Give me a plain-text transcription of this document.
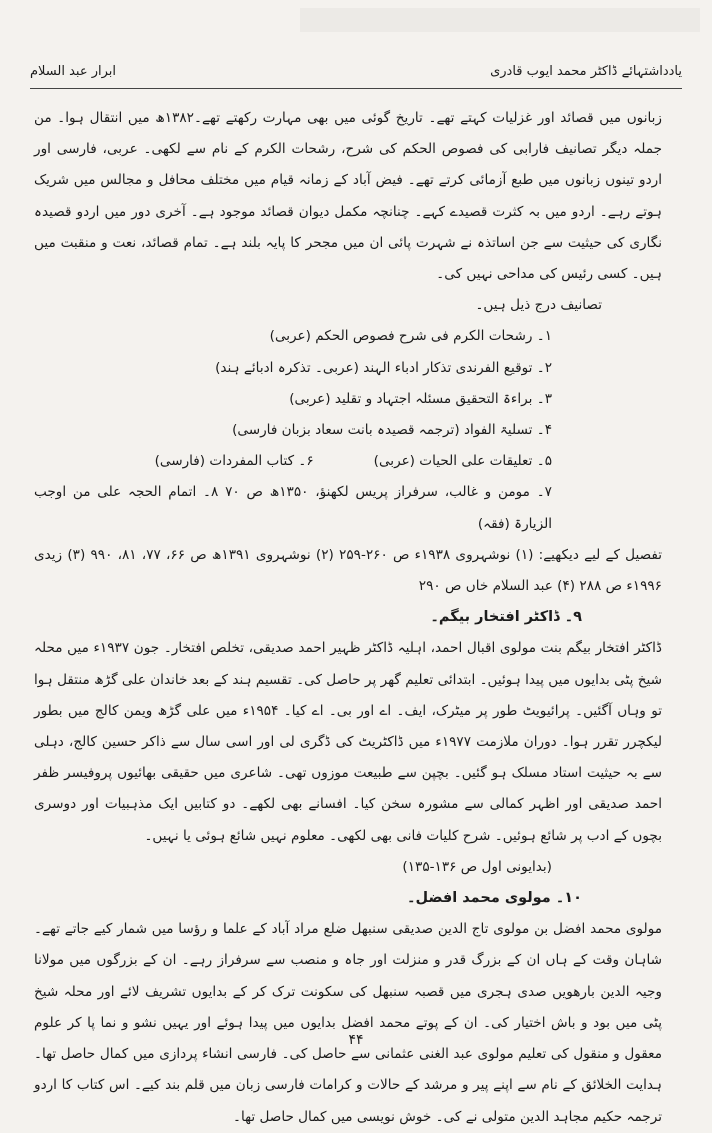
یادداشتہائے ڈاکٹر محمد ایوب قادری
ابرار عبد السلام

زبانوں میں قصائد اور غزلیات کہتے تھے۔ تاریخ گوئی میں بھی مہارت رکھتے تھے۔۱۳۸۲ھ میں انتقال ہوا۔ من جملہ دیگر تصانیف فارابی کی فصوص الحکم کی شرح، رشحات الکرم کے نام سے لکھی۔ عربی، فارسی اور اردو تینوں زبانوں میں طبع آزمائی کرتے تھے۔ فیض آباد کے زمانہ قیام میں مختلف محافل و مجالس میں شریک ہوتے رہے۔ اردو میں بہ کثرت قصیدے کہے۔ چنانچہ مکمل دیوان قصائد موجود ہے۔ آخری دور میں اردو قصیدہ نگاری کی حیثیت سے جن اساتذہ نے شہرت پائی ان میں مجحر کا پایہ بلند ہے۔ تمام قصائد، نعت و منقبت میں ہیں۔ کسی رئیس کی مداحی نہیں کی۔

تصانیف درج ذیل ہیں۔

۱۔ رشحات الکرم فی شرح فصوص الحکم (عربی)

۲۔ توقیع الفرندی تذکار ادباء الہند (عربی۔ تذکرہ ادبائے ہند)

۳۔ براءۃ التحقیق مسئلہ اجتہاد و تقلید (عربی)

۴۔ تسلیۃ الفواد (ترجمہ قصیدہ بانت سعاد بزبان فارسی)

۵۔ تعلیقات علی الحیات (عربی)
۶۔ کتاب المفردات (فارسی)

۷۔ مومن و غالب، سرفراز پریس لکھنؤ، ۱۳۵۰ھ ص ۷۰ ۸۔ اتمام الحجہ علی من اوجب الزیارۃ (فقہ)

تفصیل کے لیے دیکھیے: (۱) نوشہروی ۱۹۳۸ء ص ۲۶۰-۲۵۹ (۲) نوشہروی ۱۳۹۱ھ ص ۶۶، ۷۷، ۸۱، ۹۹۰ (۳) زیدی ۱۹۹۶ء ص ۲۸۸ (۴) عبد السلام خاں ص ۲۹۰

۹۔ ڈاکٹر افتخار بیگم۔

ڈاکٹر افتخار بیگم بنت مولوی اقبال احمد، اہلیہ ڈاکٹر ظہیر احمد صدیقی، تخلص افتخار۔ جون ۱۹۳۷ء میں محلہ شیخ پٹی بدایوں میں پیدا ہوئیں۔ ابتدائی تعلیم گھر پر حاصل کی۔ تقسیم ہند کے بعد خاندان علی گڑھ منتقل ہوا تو وہاں آگئیں۔ پرائیویٹ طور پر میٹرک، ایف۔ اے اور بی۔ اے کیا۔ ۱۹۵۴ء میں علی گڑھ ویمن کالج میں بطور لیکچرر تقرر ہوا۔ دوران ملازمت ۱۹۷۷ء میں ڈاکٹریٹ کی ڈگری لی اور اسی سال سے ذاکر حسین کالج، دہلی سے بہ حیثیت استاد مسلک ہو گئیں۔ بچپن سے طبیعت موزوں تھی۔ شاعری میں حقیقی بھائیوں پروفیسر ظفر احمد صدیقی اور اظہر کمالی سے مشورہ سخن کیا۔ افسانے بھی لکھے۔ دو کتابیں ایک مذہبیات اور دوسری بچوں کے ادب پر شائع ہوئیں۔ شرح کلیات فانی بھی لکھی۔ معلوم نہیں شائع ہوئی یا نہیں۔

(بدایونی اول ص ۱۳۶-۱۳۵)

۱۰۔ مولوی محمد افضل۔

مولوی محمد افضل بن مولوی تاج الدین صدیقی سنبھل ضلع مراد آباد کے علما و رؤسا میں شمار کیے جاتے تھے۔ شاہان وقت کے ہاں ان کے بزرگ قدر و منزلت اور جاہ و منصب سے سرفراز رہے۔ ان کے بزرگوں میں مولانا وجیہ الدین بارھویں صدی ہجری میں قصبہ سنبھل کی سکونت ترک کر کے بدایوں تشریف لائے اور محلہ شیخ پٹی میں بود و باش اختیار کی۔ ان کے پوتے محمد افضل بدایوں میں پیدا ہوئے اور یہیں نشو و نما پا کر علوم معقول و منقول کی تعلیم مولوی عبد الغنی عثمانی سے حاصل کی۔ فارسی انشاء پردازی میں کمال حاصل تھا۔ ہدایت الخلائق کے نام سے اپنے پیر و مرشد کے حالات و کرامات فارسی زبان میں قلم بند کیے۔ اس کتاب کا اردو ترجمہ حکیم مجاہد الدین متولی نے کی۔ خوش نویسی میں کمال حاصل تھا۔

۴۴
